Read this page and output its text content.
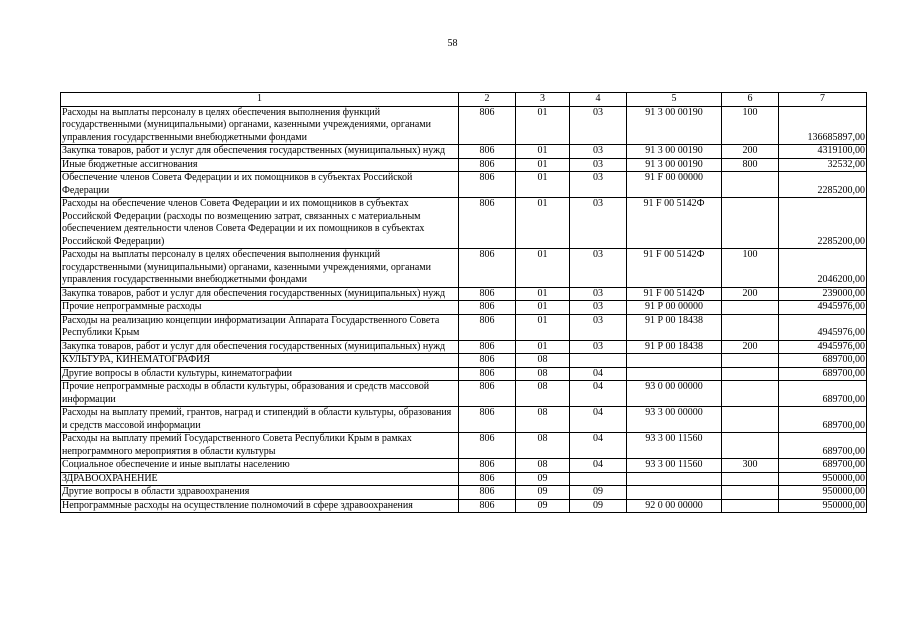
58
1	2	3	4	5	6	7
Расходы на выплаты персоналу в целях обеспечения выполнения функций государственными (муниципальными) органами, казенными учреждениями, органами управления государственными внебюджетными фондами	806	01	03	91 3 00 00190	100	136685897,00
Закупка товаров, работ и услуг для обеспечения государственных (муниципальных) нужд	806	01	03	91 3 00 00190	200	4319100,00
Иные бюджетные ассигнования	806	01	03	91 3 00 00190	800	32532,00
Обеспечение членов Совета Федерации и их помощников в субъектах Российской Федерации	806	01	03	91 F 00 00000		2285200,00
Расходы на обеспечение членов Совета Федерации и их помощников в субъектах Российской Федерации (расходы по возмещению затрат, связанных с материальным обеспечением деятельности членов Совета Федерации и их помощников в субъектах Российской Федерации)	806	01	03	91 F 00 5142Ф		2285200,00
Расходы на выплаты персоналу в целях обеспечения выполнения функций государственными (муниципальными) органами, казенными учреждениями, органами управления государственными внебюджетными фондами	806	01	03	91 F 00 5142Ф	100	2046200,00
Закупка товаров, работ и услуг для обеспечения государственных (муниципальных) нужд	806	01	03	91 F 00 5142Ф	200	239000,00
Прочие непрограммные расходы	806	01	03	91 Р 00 00000		4945976,00
Расходы на реализацию концепции информатизации Аппарата Государственного Совета Республики Крым	806	01	03	91 Р 00 18438		4945976,00
Закупка товаров, работ и услуг для обеспечения государственных (муниципальных) нужд	806	01	03	91 Р 00 18438	200	4945976,00
КУЛЬТУРА, КИНЕМАТОГРАФИЯ	806	08				689700,00
Другие вопросы в области культуры, кинематографии	806	08	04			689700,00
Прочие непрограммные расходы в области культуры, образования и средств массовой информации	806	08	04	93 0 00 00000		689700,00
Расходы на выплату премий, грантов, наград и стипендий в области культуры, образования и средств массовой информации	806	08	04	93 3 00 00000		689700,00
Расходы на выплату премий Государственного Совета Республики Крым в рамках непрограммного мероприятия в области культуры	806	08	04	93 3 00 11560		689700,00
Социальное обеспечение и иные выплаты населению	806	08	04	93 3 00 11560	300	689700,00
ЗДРАВООХРАНЕНИЕ	806	09				950000,00
Другие вопросы в области здравоохранения	806	09	09			950000,00
Непрограммные расходы на осуществление полномочий в сфере здравоохранения	806	09	09	92 0 00 00000		950000,00
